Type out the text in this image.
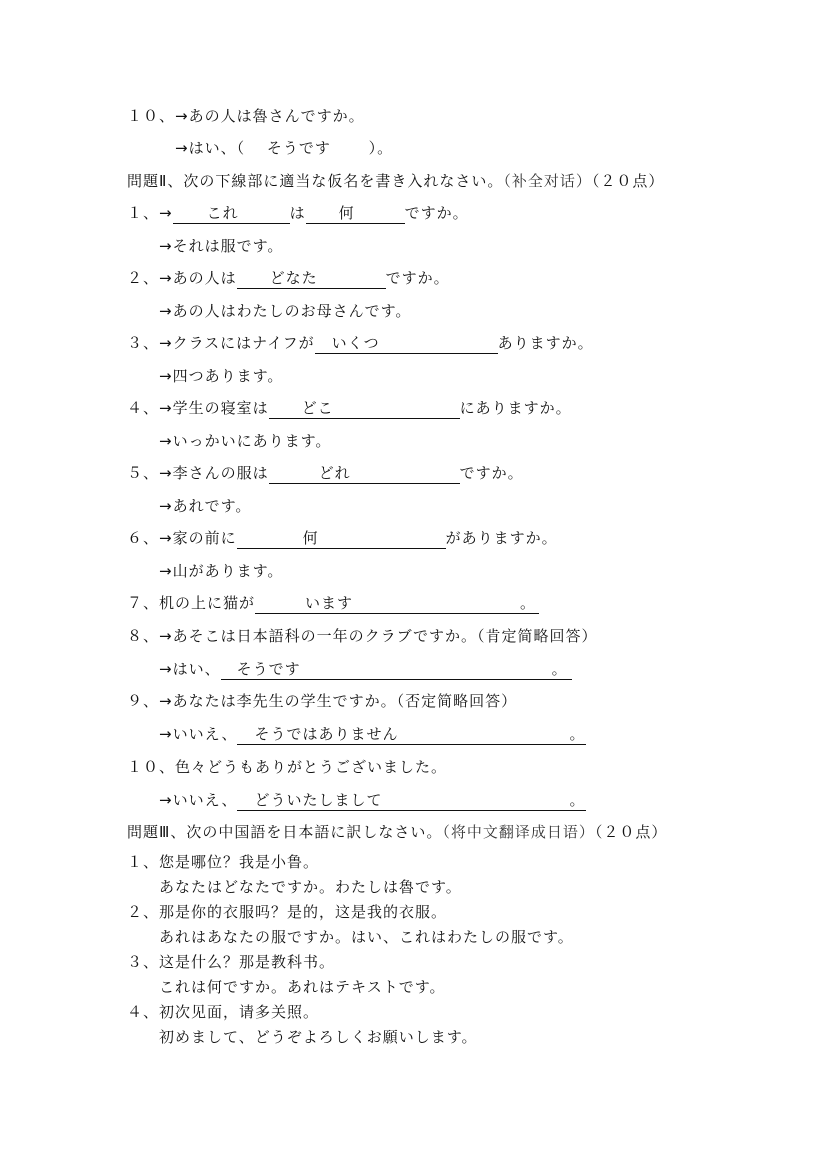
１０、→あの人は魯さんですか。
→はい、（　 そうです　　 ）。
問題Ⅱ、次の下線部に適当な仮名を書き入れなさい。（补全对话）（２０点）
１、→ これ	は 何	ですか。
→それは服です。
２、→あの人は どなた	ですか。
→あの人はわたしのお母さんです。
３、→クラスにはナイフが いくつ	ありますか。
→四つあります。
４、→学生の寝室は どこ	にありますか。
→いっかいにあります。
５、→李さんの服は	どれ	ですか。
→あれです。
６、→家の前に	何	がありますか。
→山があります。
７、机の上に猫が	います	。
８、→あそこは日本語科の一年のクラブですか。（肯定简略回答）
→はい、 そうです	。
９、→あなたは李先生の学生ですか。（否定简略回答）
→いいえ、 そうではありません	。
１０、色々どうもありがとうございました。
→いいえ、 どういたしまして	。
問題Ⅲ、次の中国語を日本語に訳しなさい。（将中文翻译成日语）（２０点）
１、您是哪位？我是小鲁。
あなたはどなたですか。わたしは魯です。
２、那是你的衣服吗？是的，这是我的衣服。
あれはあなたの服ですか。はい、これはわたしの服です。
３、这是什么？那是教科书。
これは何ですか。あれはテキストです。
４、初次见面，请多关照。
初めまして、どうぞよろしくお願いします。
